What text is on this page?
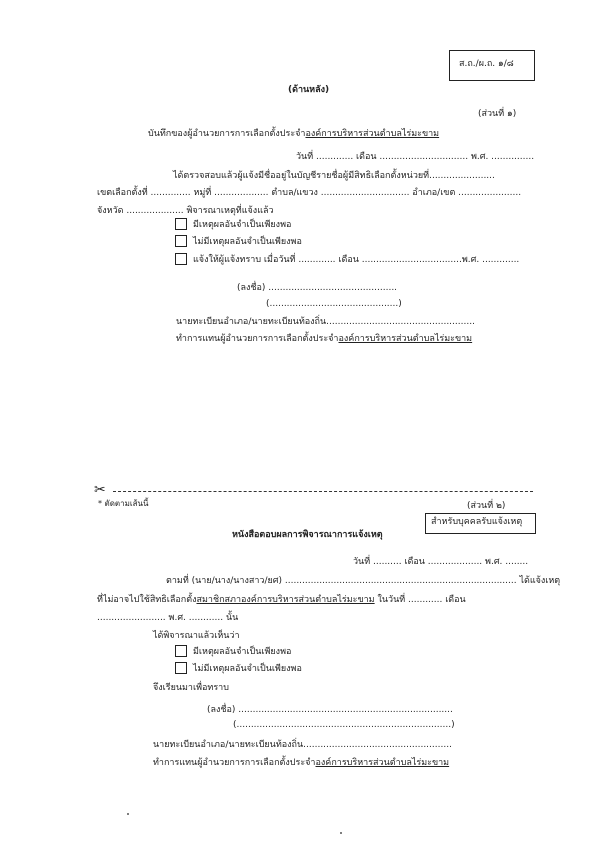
ส.ถ./ผ.ถ. ๑/๘
(ด้านหลัง)
(ส่วนที่ ๑)
บันทึกของผู้อำนวยการการเลือกตั้งประจำองค์การบริหารส่วนตำบลไร่มะขาม
วันที่ ............. เดือน ............................... พ.ศ. ...............
ได้ตรวจสอบแล้วผู้แจ้งมีชื่ออยู่ในบัญชีรายชื่อผู้มีสิทธิเลือกตั้งหน่วยที่.......................
เขตเลือกตั้งที่ .............. หมู่ที่ ................... ตำบล/แขวง ............................... อำเภอ/เขต ......................
จังหวัด .................... พิจารณาเหตุที่แจ้งแล้ว
มีเหตุผลอันจำเป็นเพียงพอ
ไม่มีเหตุผลอันจำเป็นเพียงพอ
แจ้งให้ผู้แจ้งทราบ เมื่อวันที่ ............. เดือน ...................................พ.ศ. .............
(ลงชื่อ) .............................................
(.............................................)
นายทะเบียนอำเภอ/นายทะเบียนท้องถิ่น....................................................
ทำการแทนผู้อำนวยการการเลือกตั้งประจำองค์การบริหารส่วนตำบลไร่มะขาม
✂
* ตัดตามเส้นนี้	(ส่วนที่ ๒)
สำหรับบุคคลรับแจ้งเหตุ
หนังสือตอบผลการพิจารณาการแจ้งเหตุ
วันที่ .......... เดือน ................... พ.ศ. ........
ตามที่ (นาย/นาง/นางสาว/ยศ) ................................................................................. ได้แจ้งเหตุ
ที่ไม่อาจไปใช้สิทธิเลือกตั้งสมาชิกสภาองค์การบริหารส่วนตำบลไร่มะขาม ในวันที่ ............ เดือน
........................ พ.ศ. ............ นั้น
ได้พิจารณาแล้วเห็นว่า
มีเหตุผลอันจำเป็นเพียงพอ
ไม่มีเหตุผลอันจำเป็นเพียงพอ
จึงเรียนมาเพื่อทราบ
(ลงชื่อ) ...........................................................................
(...........................................................................)
นายทะเบียนอำเภอ/นายทะเบียนท้องถิ่น....................................................
ทำการแทนผู้อำนวยการการเลือกตั้งประจำองค์การบริหารส่วนตำบลไร่มะขาม
